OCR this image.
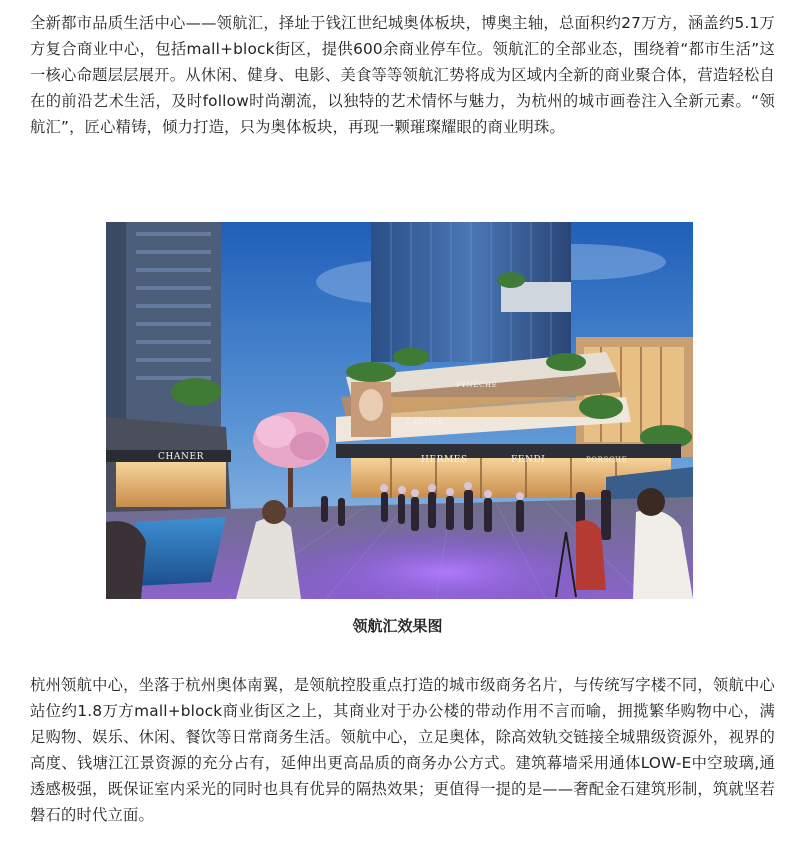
全新都市品质生活中心——领航汇，择址于钱江世纪城奥体板块，博奥主轴，总面积约27万方，涵盖约5.1万方复合商业中心，包括mall+block街区，提供600余商业停车位。领航汇的全部业态，围绕着“都市生活”这一核心命题层层展开。从休闲、健身、电影、美食等等领航汇势将成为区域内全新的商业聚合体，营造轻松自在的前沿艺术生活，及时follow时尚潮流，以独特的艺术情怀与魅力，为杭州的城市画卷注入全新元素。“领航汇”，匠心精铸，倾力打造，只为奥体板块，再现一颗璀璨耀眼的商业明珠。

CHANER	HERMES	FENDI	PORSCHE
CARTIER
PYNECHE
领航汇效果图

杭州领航中心，坐落于杭州奥体南翼，是领航控股重点打造的城市级商务名片，与传统写字楼不同，领航中心站位约1.8万方mall+block商业街区之上，其商业对于办公楼的带动作用不言而喻，拥揽繁华购物中心，满足购物、娱乐、休闲、餐饮等日常商务生活。领航中心，立足奥体，除高效轨交链接全城鼎级资源外，视界的高度、钱塘江江景资源的充分占有，延伸出更高品质的商务办公方式。建筑幕墙采用通体LOW-E中空玻璃,通透感极强，既保证室内采光的同时也具有优异的隔热效果；更值得一提的是——奢配金石建筑形制，筑就坚若磐石的时代立面。
